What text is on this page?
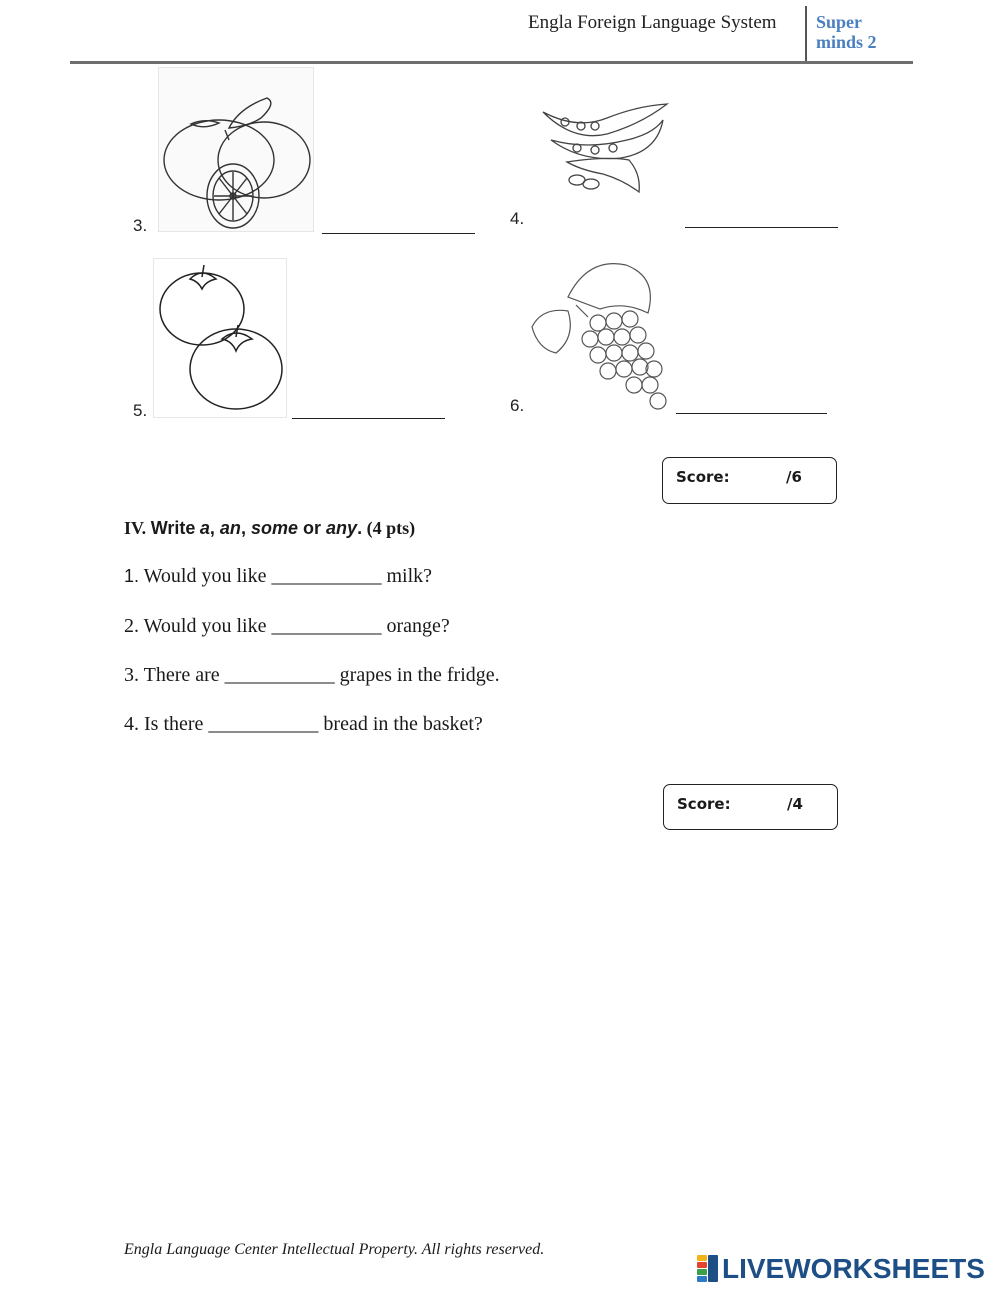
Engla Foreign Language System Super
minds 2
3.	4.
5.	6.
Score:	/6
IV. Write a, an, some or any. (4 pts)
1. Would you like ___________ milk?
2. Would you like ___________ orange?
3. There are ___________ grapes in the fridge.
4. Is there ___________ bread in the basket?
Score:	/4
Engla Language Center Intellectual Property. All rights reserved.
LIVEWORKSHEETS
